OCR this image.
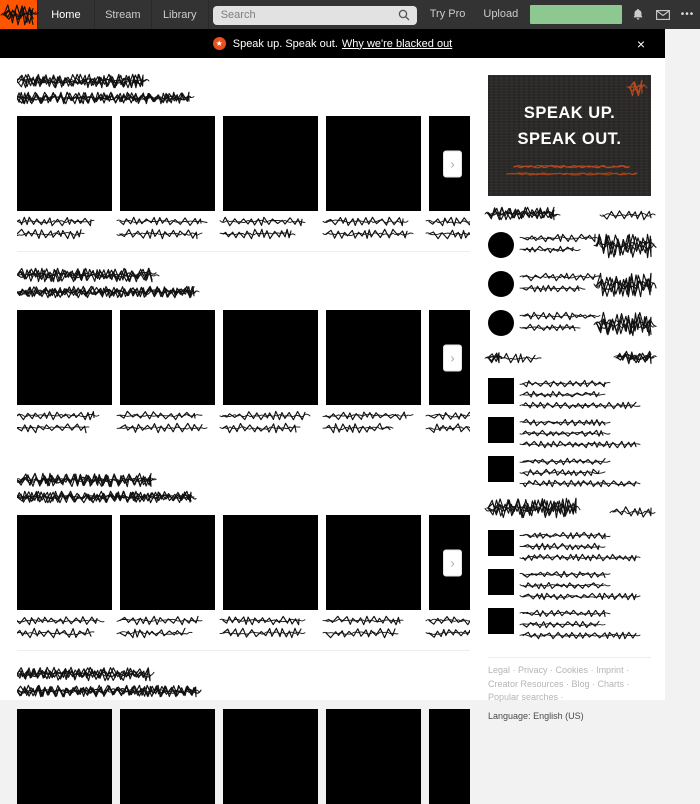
Home	Stream	Library
Search	Try Pro	Upload	•••
★ Speak up. Speak out. Why we're blacked out	×
›
›
›
SPEAK UP.
SPEAK OUT.
Legal · Privacy · Cookies · Imprint · Creator Resources · Blog · Charts · Popular searches ·
Language: English (US)
